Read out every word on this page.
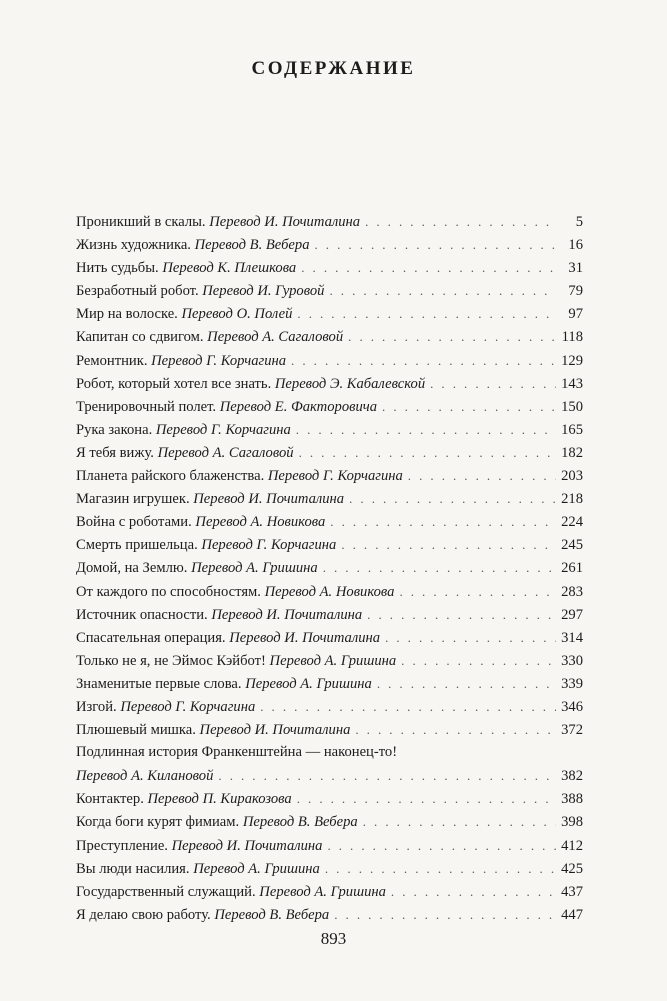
СОДЕРЖАНИЕ
Проникший в скалы. Перевод И. Почиталина . . .	5
Жизнь художника. Перевод В. Вебера . . .	16
Нить судьбы. Перевод К. Плешкова . . .	31
Безработный робот. Перевод И. Гуровой . . .	79
Мир на волоске. Перевод О. Полей . . .	97
Капитан со сдвигом. Перевод А. Сагаловой . . .	118
Ремонтник. Перевод Г. Корчагина . . .	129
Робот, который хотел все знать. Перевод Э. Кабалевской . . .	143
Тренировочный полет. Перевод Е. Факторовича . . .	150
Рука закона. Перевод Г. Корчагина . . .	165
Я тебя вижу. Перевод А. Сагаловой . . .	182
Планета райского блаженства. Перевод Г. Корчагина . . .	203
Магазин игрушек. Перевод И. Почиталина . . .	218
Война с роботами. Перевод А. Новикова . . .	224
Смерть пришельца. Перевод Г. Корчагина . . .	245
Домой, на Землю. Перевод А. Гришина . . .	261
От каждого по способностям. Перевод А. Новикова . . .	283
Источник опасности. Перевод И. Почиталина . . .	297
Спасательная операция. Перевод И. Почиталина . . .	314
Только не я, не Эймос Кэйбот! Перевод А. Гришина . . .	330
Знаменитые первые слова. Перевод А. Гришина . . .	339
Изгой. Перевод Г. Корчагина . . .	346
Плюшевый мишка. Перевод И. Почиталина . . .	372
Подлинная история Франкенштейна — наконец-то!
Перевод А. Килановой . . .	382
Контактер. Перевод П. Киракозова . . .	388
Когда боги курят фимиам. Перевод В. Вебера . . .	398
Преступление. Перевод И. Почиталина . . .	412
Вы люди насилия. Перевод А. Гришина . . .	425
Государственный служащий. Перевод А. Гришина . . .	437
Я делаю свою работу. Перевод В. Вебера . . .	447
893
